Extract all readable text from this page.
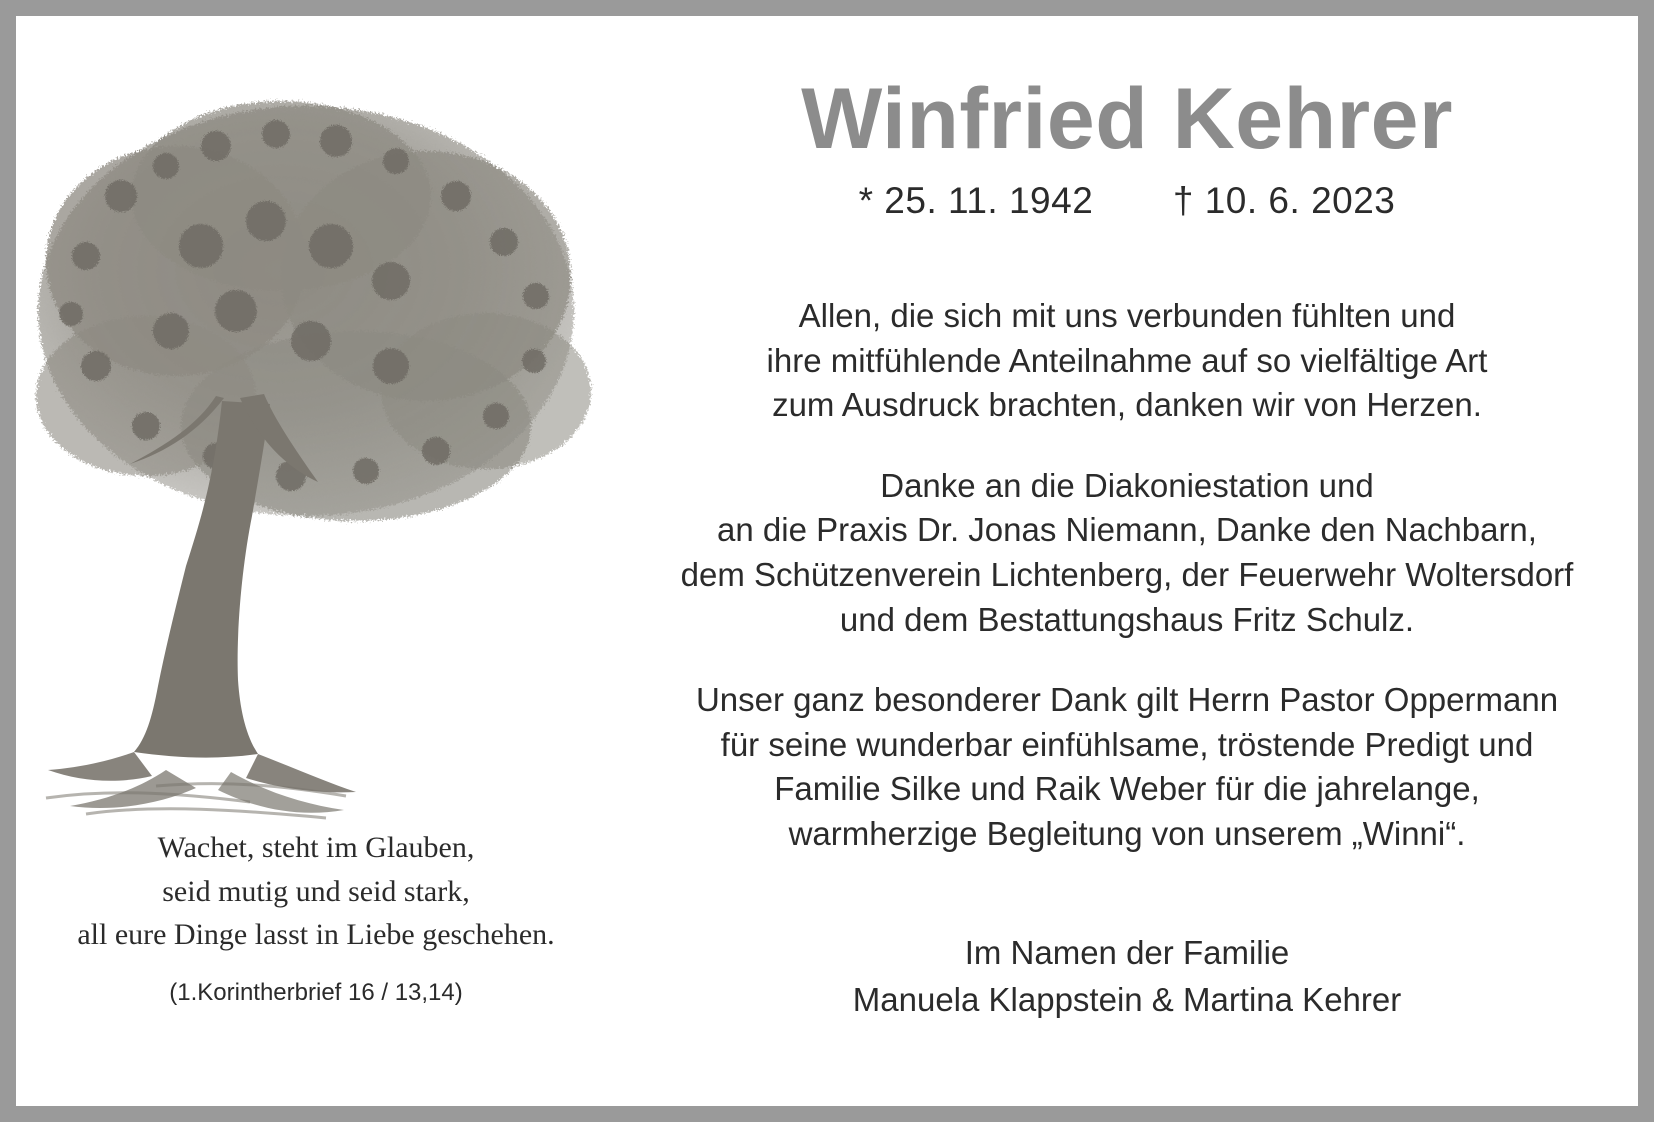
Wachet, steht im Glauben, seid mutig und seid stark, all eure Dinge lasst in Liebe geschehen.
(1.Korintherbrief 16 / 13,14)
Winfried Kehrer
* 25. 11. 1942 † 10. 6. 2023
Allen, die sich mit uns verbunden fühlten und
ihre mitfühlende Anteilnahme auf so vielfältige Art
zum Ausdruck brachten, danken wir von Herzen.
Danke an die Diakoniestation und
an die Praxis Dr. Jonas Niemann, Danke den Nachbarn,
dem Schützenverein Lichtenberg, der Feuerwehr Woltersdorf
und dem Bestattungshaus Fritz Schulz.
Unser ganz besonderer Dank gilt Herrn Pastor Oppermann
für seine wunderbar einfühlsame, tröstende Predigt und
Familie Silke und Raik Weber für die jahrelange,
warmherzige Begleitung von unserem „Winni“.
Im Namen der Familie
Manuela Klappstein & Martina Kehrer
